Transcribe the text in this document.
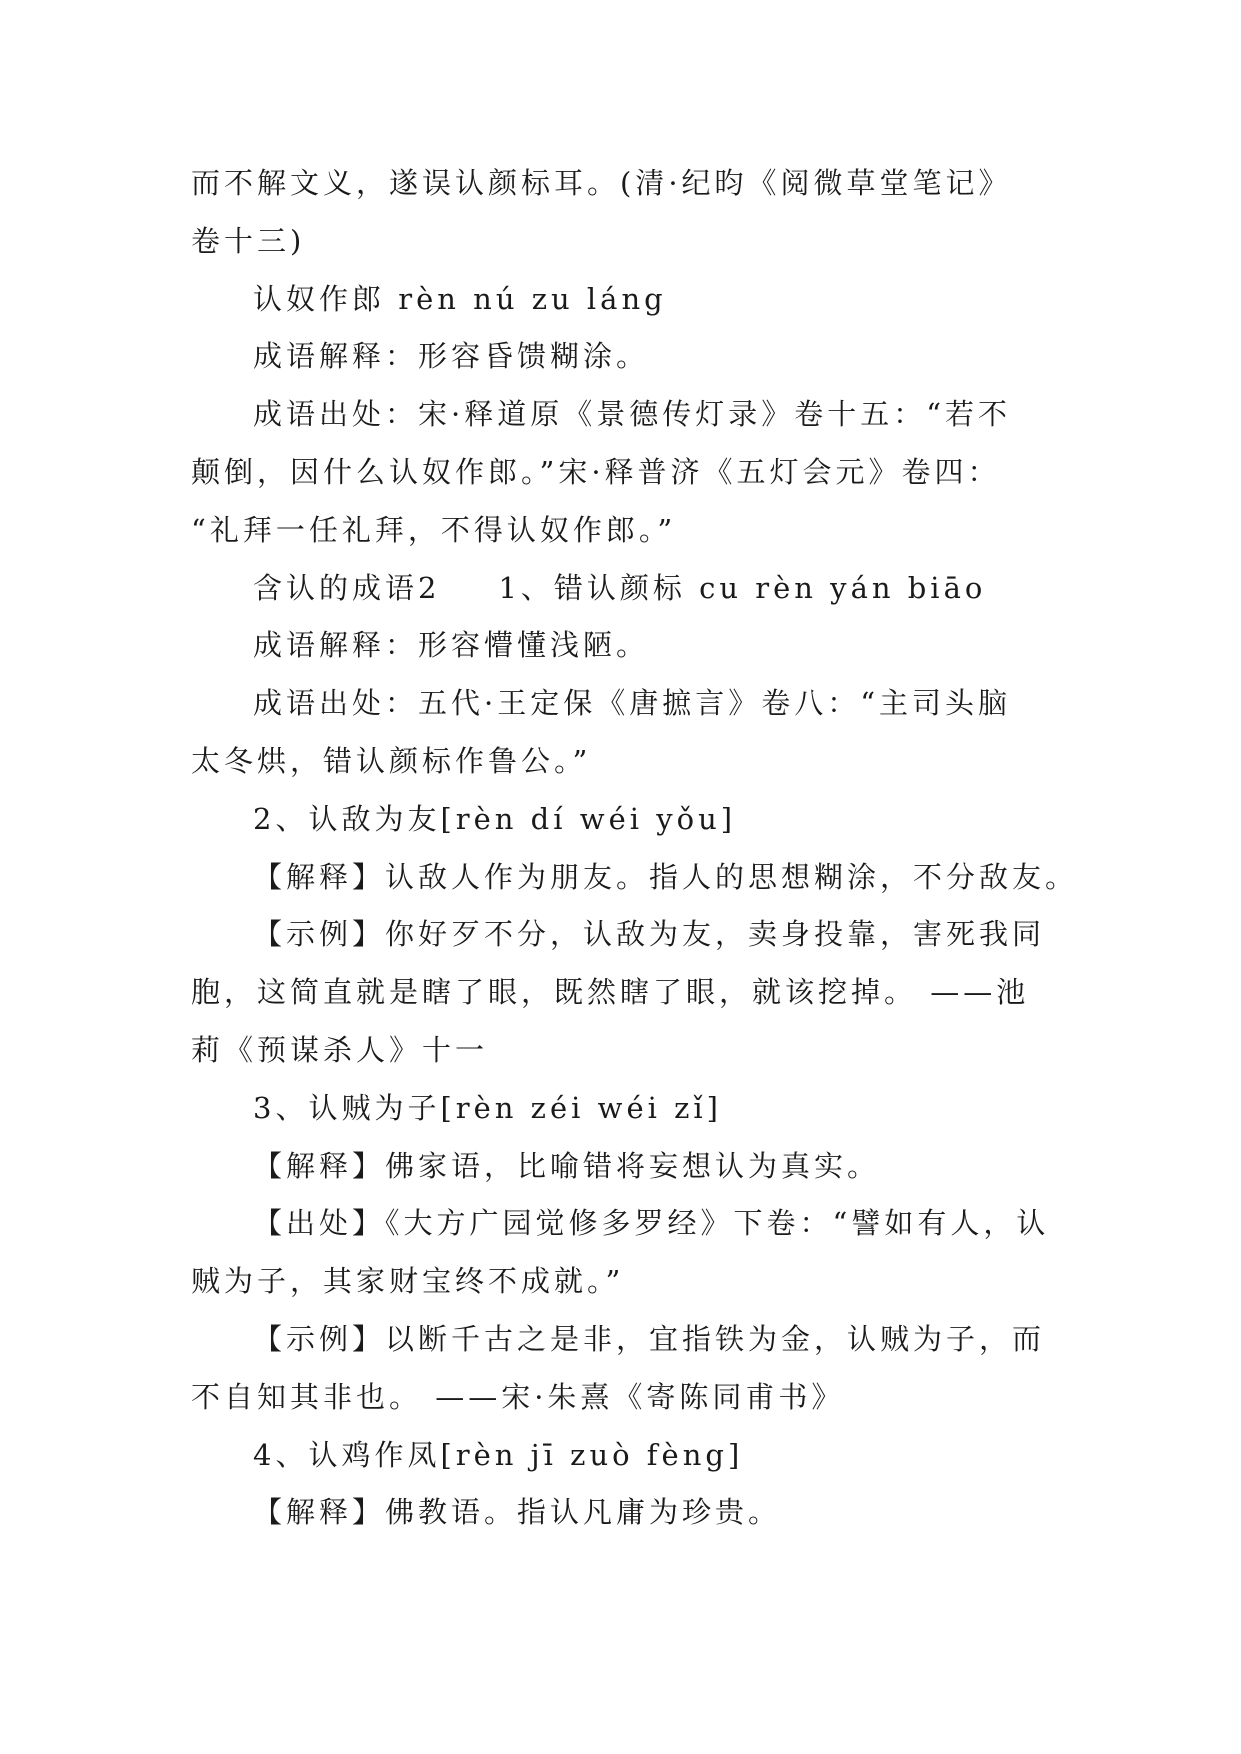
而不解文义，遂误认颜标耳。(清·纪昀《阅微草堂笔记》

卷十三)

认奴作郎 rèn nú zu láng

成语解释：形容昏馈糊涂。

成语出处：宋·释道原《景德传灯录》卷十五：“若不

颠倒，因什么认奴作郎。”宋·释普济《五灯会元》卷四：

“礼拜一任礼拜，不得认奴作郎。”

含认的成语2 1、错认颜标 cu rèn yán biāo

成语解释：形容懵懂浅陋。

成语出处：五代·王定保《唐摭言》卷八：“主司头脑

太冬烘，错认颜标作鲁公。”

2、认敌为友[rèn dí wéi yǒu]

【解释】认敌人作为朋友。指人的思想糊涂，不分敌友。

【示例】你好歹不分，认敌为友，卖身投靠，害死我同

胞，这简直就是瞎了眼，既然瞎了眼，就该挖掉。 ——池

莉《预谋杀人》十一

3、认贼为子[rèn zéi wéi zǐ]

【解释】佛家语，比喻错将妄想认为真实。

【出处】《大方广园觉修多罗经》下卷：“譬如有人，认

贼为子，其家财宝终不成就。”

【示例】以断千古之是非，宜指铁为金，认贼为子，而

不自知其非也。 ——宋·朱熹《寄陈同甫书》

4、认鸡作凤[rèn jī zuò fèng]

【解释】佛教语。指认凡庸为珍贵。
